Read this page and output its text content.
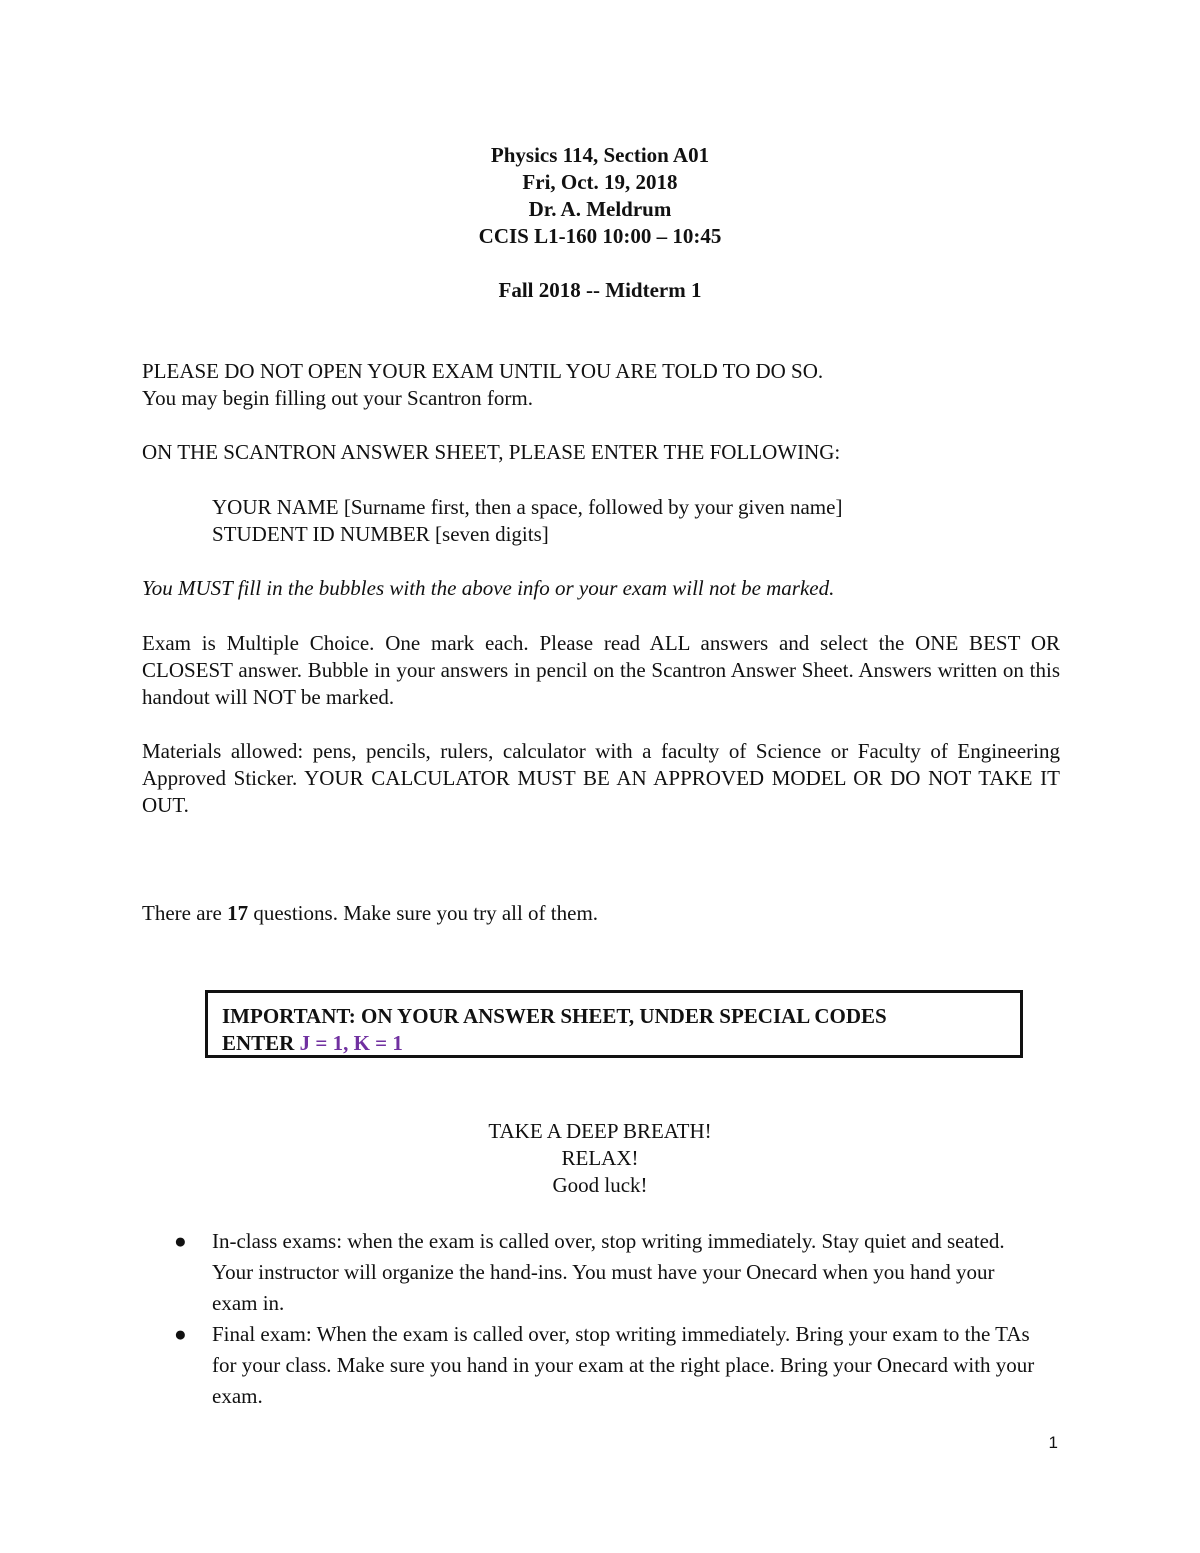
Physics 114, Section A01
Fri, Oct. 19, 2018
Dr. A. Meldrum
CCIS L1-160 10:00 – 10:45
Fall 2018 -- Midterm 1
PLEASE DO NOT OPEN YOUR EXAM UNTIL YOU ARE TOLD TO DO SO.
You may begin filling out your Scantron form.
ON THE SCANTRON ANSWER SHEET, PLEASE ENTER THE FOLLOWING:
YOUR NAME [Surname first, then a space, followed by your given name]
STUDENT ID NUMBER [seven digits]
You MUST fill in the bubbles with the above info or your exam will not be marked.
Exam is Multiple Choice. One mark each. Please read ALL answers and select the ONE BEST OR CLOSEST answer. Bubble in your answers in pencil on the Scantron Answer Sheet. Answers written on this handout will NOT be marked.
Materials allowed: pens, pencils, rulers, calculator with a faculty of Science or Faculty of Engineering Approved Sticker. YOUR CALCULATOR MUST BE AN APPROVED MODEL OR DO NOT TAKE IT OUT.
There are 17 questions. Make sure you try all of them.
IMPORTANT: ON YOUR ANSWER SHEET, UNDER SPECIAL CODES
ENTER J = 1, K = 1
TAKE A DEEP BREATH!
RELAX!
Good luck!
● In-class exams: when the exam is called over, stop writing immediately. Stay quiet and seated. Your instructor will organize the hand-ins. You must have your Onecard when you hand your exam in.
● Final exam: When the exam is called over, stop writing immediately. Bring your exam to the TAs for your class. Make sure you hand in your exam at the right place. Bring your Onecard with your exam.
1
